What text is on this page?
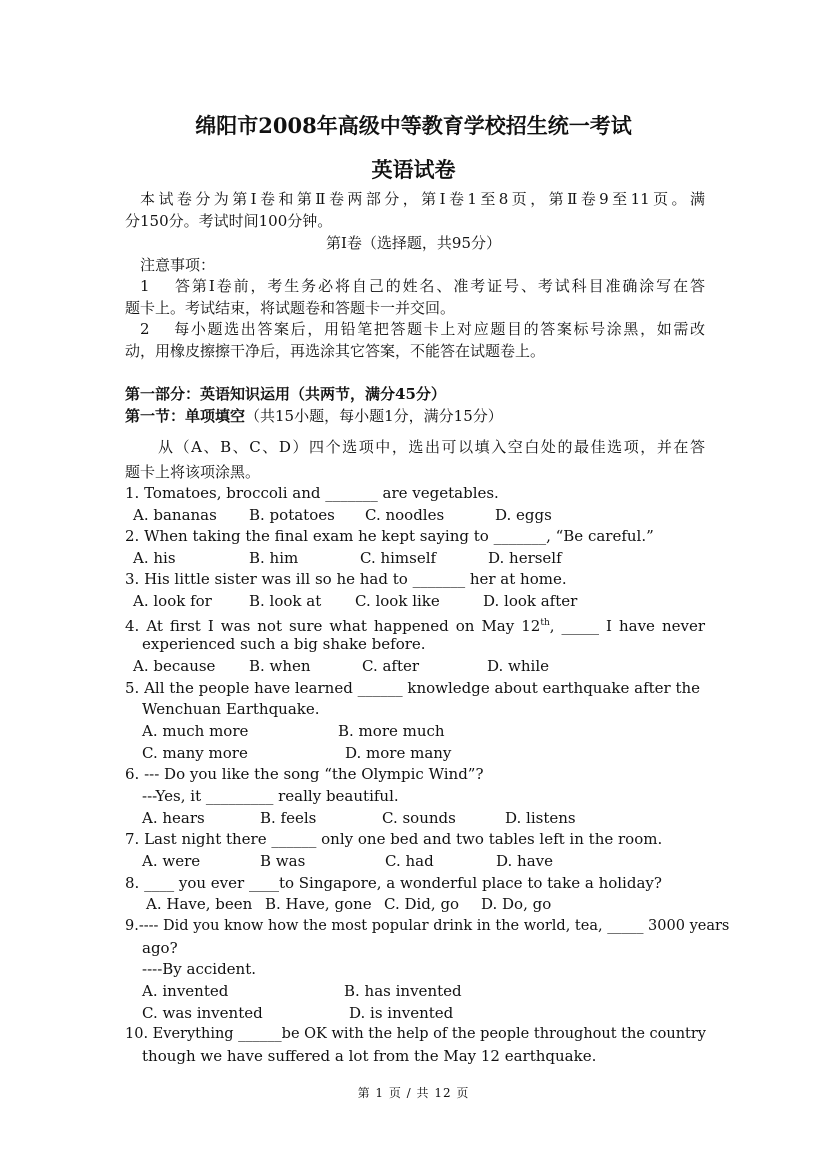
绵阳市2008年高级中等教育学校招生统一考试
英语试卷
本试卷分为第Ⅰ卷和第Ⅱ卷两部分，第Ⅰ卷1至8页，第Ⅱ卷9至11页。满
分150分。考试时间100分钟。
第Ⅰ卷（选择题，共95分）
注意事项：
1　 答第Ⅰ卷前，考生务必将自己的姓名、准考证号、考试科目准确涂写在答
题卡上。考试结束，将试题卷和答题卡一并交回。
2　 每小题选出答案后，用铅笔把答题卡上对应题目的答案标号涂黑，如需改
动，用橡皮擦擦干净后，再选涂其它答案，不能答在试题卷上。
第一部分：英语知识运用（共两节，满分45分）
第一节：单项填空（共15小题，每小题1分，满分15分）
从（A、B、C、D）四个选项中，选出可以填入空白处的最佳选项，并在答
题卡上将该项涂黑。
1. Tomatoes, broccoli and _______ are vegetables.
A. bananas B. potatoes C. noodles	D. eggs
2. When taking the final exam he kept saying to _______, “Be careful.”
A. his	B. him	C. himself	D. herself
3. His little sister was ill so he had to _______ her at home.
A. look for B. look at C. look like	D. look after
4. At first I was not sure what happened on May 12th, _____ I have never
experienced such a big shake before.
A. because B. when	C. after	D. while
5. All the people have learned ______ knowledge about earthquake after the
Wenchuan Earthquake.
A. much more	B. more much
C. many more	D. more many
6. --- Do you like the song “the Olympic Wind”?
---Yes, it _________ really beautiful.
A. hears	B. feels	C. sounds	D. listens
7. Last night there ______ only one bed and two tables left in the room.
A. were	B was	C. had	D. have
8. ____ you ever ____to Singapore, a wonderful place to take a holiday?
A. Have, been B. Have, gone C. Did, go D. Do, go
9.---- Did you know how the most popular drink in the world, tea, _____ 3000 years
ago?
----By accident.
A. invented	B. has invented
C. was invented	D. is invented
10. Everything ______be OK with the help of the people throughout the country
though we have suffered a lot from the May 12 earthquake.
第 1 页 / 共 12 页
